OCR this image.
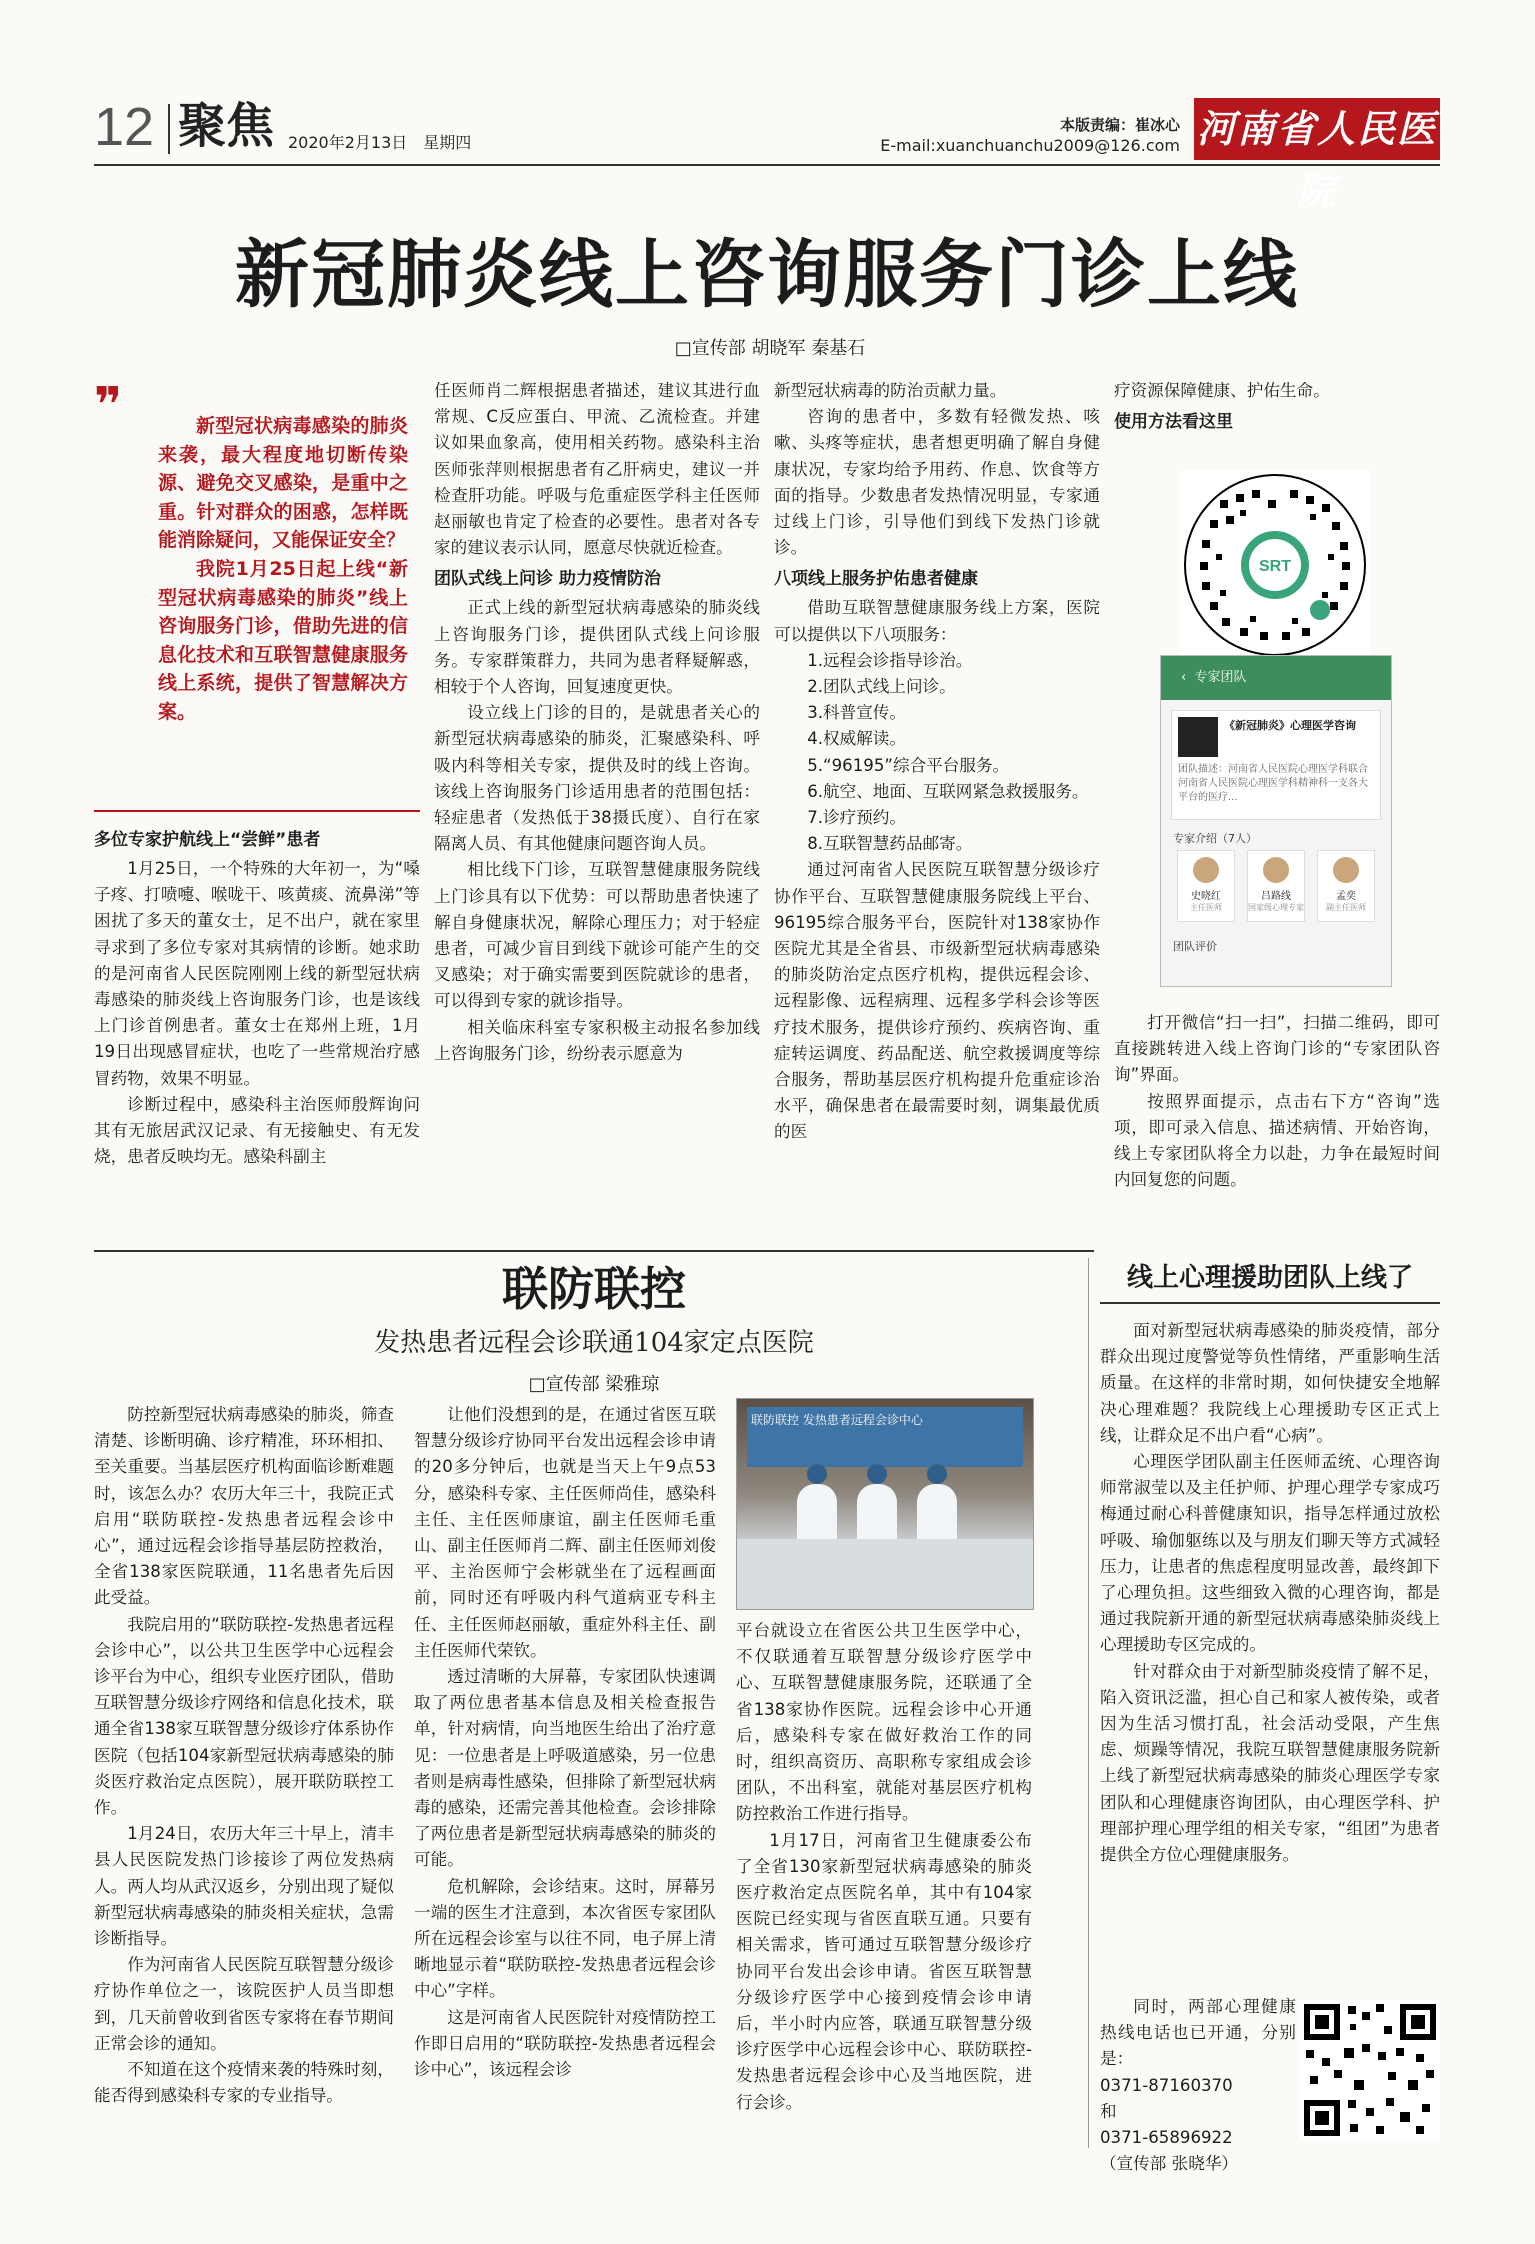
12 聚焦 2020年2月13日　星期四
本版责编：崔冰心
E-mail:xuanchuanchu2009@126.com 河南省人民医院
新冠肺炎线上咨询服务门诊上线
□宣传部 胡晓军 秦基石
❞	新型冠状病毒感染的肺炎来袭，最大程度地切断传染源、避免交叉感染，是重中之重。针对群众的困惑，怎样既能消除疑问，又能保证安全？

我院1月25日起上线“新型冠状病毒感染的肺炎”线上咨询服务门诊，借助先进的信息化技术和互联智慧健康服务线上系统，提供了智慧解决方案。

多位专家护航线上“尝鲜”患者

1月25日，一个特殊的大年初一，为“嗓子疼、打喷嚏、喉咙干、咳黄痰、流鼻涕”等困扰了多天的董女士，足不出户，就在家里寻求到了多位专家对其病情的诊断。她求助的是河南省人民医院刚刚上线的新型冠状病毒感染的肺炎线上咨询服务门诊，也是该线上门诊首例患者。董女士在郑州上班，1月19日出现感冒症状，也吃了一些常规治疗感冒药物，效果不明显。

诊断过程中，感染科主治医师殷辉询问其有无旅居武汉记录、有无接触史、有无发烧，患者反映均无。感染科副主

任医师肖二辉根据患者描述，建议其进行血常规、C反应蛋白、甲流、乙流检查。并建议如果血象高，使用相关药物。感染科主治医师张萍则根据患者有乙肝病史，建议一并检查肝功能。呼吸与危重症医学科主任医师赵丽敏也肯定了检查的必要性。患者对各专家的建议表示认同，愿意尽快就近检查。

团队式线上问诊 助力疫情防治

正式上线的新型冠状病毒感染的肺炎线上咨询服务门诊，提供团队式线上问诊服务。专家群策群力，共同为患者释疑解惑，相较于个人咨询，回复速度更快。

设立线上门诊的目的，是就患者关心的新型冠状病毒感染的肺炎，汇聚感染科、呼吸内科等相关专家，提供及时的线上咨询。该线上咨询服务门诊适用患者的范围包括：轻症患者（发热低于38摄氏度）、自行在家隔离人员、有其他健康问题咨询人员。

相比线下门诊，互联智慧健康服务院线上门诊具有以下优势：可以帮助患者快速了解自身健康状况，解除心理压力；对于轻症患者，可减少盲目到线下就诊可能产生的交叉感染；对于确实需要到医院就诊的患者，可以得到专家的就诊指导。

相关临床科室专家积极主动报名参加线上咨询服务门诊，纷纷表示愿意为

新型冠状病毒的防治贡献力量。

咨询的患者中，多数有轻微发热、咳嗽、头疼等症状，患者想更明确了解自身健康状况，专家均给予用药、作息、饮食等方面的指导。少数患者发热情况明显，专家通过线上门诊，引导他们到线下发热门诊就诊。

八项线上服务护佑患者健康

借助互联智慧健康服务线上方案，医院可以提供以下八项服务：

1.远程会诊指导诊治。

2.团队式线上问诊。

3.科普宣传。

4.权威解读。

5.“96195”综合平台服务。

6.航空、地面、互联网紧急救援服务。

7.诊疗预约。

8.互联智慧药品邮寄。

通过河南省人民医院互联智慧分级诊疗协作平台、互联智慧健康服务院线上平台、96195综合服务平台，医院针对138家协作医院尤其是全省县、市级新型冠状病毒感染的肺炎防治定点医疗机构，提供远程会诊、远程影像、远程病理、远程多学科会诊等医疗技术服务，提供诊疗预约、疾病咨询、重症转运调度、药品配送、航空救援调度等综合服务，帮助基层医疗机构提升危重症诊治水平，确保患者在最需要时刻，调集最优质的医

疗资源保障健康、护佑生命。

使用方法看这里
SRT
‹ 专家团队
《新冠肺炎》心理医学咨询
团队描述：河南省人民医院心理医学科联合河南省人民医院心理医学科精神科一支各大平台的医疗...
专家介绍（7人）
史晓红
主任医师
吕路线
国家级心理专家
孟奕
副主任医师
团队评价

打开微信“扫一扫”，扫描二维码，即可直接跳转进入线上咨询门诊的“专家团队咨询”界面。

按照界面提示，点击右下方“咨询”选项，即可录入信息、描述病情、开始咨询，线上专家团队将全力以赴，力争在最短时间内回复您的问题。

联防联控
发热患者远程会诊联通104家定点医院
□宣传部 梁雅琼

防控新型冠状病毒感染的肺炎，筛查清楚、诊断明确、诊疗精准，环环相扣、至关重要。当基层医疗机构面临诊断难题时，该怎么办？农历大年三十，我院正式启用“联防联控-发热患者远程会诊中心”，通过远程会诊指导基层防控救治，全省138家医院联通，11名患者先后因此受益。

我院启用的“联防联控-发热患者远程会诊中心”，以公共卫生医学中心远程会诊平台为中心，组织专业医疗团队，借助互联智慧分级诊疗网络和信息化技术，联通全省138家互联智慧分级诊疗体系协作医院（包括104家新型冠状病毒感染的肺炎医疗救治定点医院），展开联防联控工作。

1月24日，农历大年三十早上，清丰县人民医院发热门诊接诊了两位发热病人。两人均从武汉返乡，分别出现了疑似新型冠状病毒感染的肺炎相关症状，急需诊断指导。

作为河南省人民医院互联智慧分级诊疗协作单位之一，该院医护人员当即想到，几天前曾收到省医专家将在春节期间正常会诊的通知。

不知道在这个疫情来袭的特殊时刻，能否得到感染科专家的专业指导。

让他们没想到的是，在通过省医互联智慧分级诊疗协同平台发出远程会诊申请的20多分钟后，也就是当天上午9点53分，感染科专家、主任医师尚佳，感染科主任、主任医师康谊，副主任医师毛重山、副主任医师肖二辉、副主任医师刘俊平、主治医师宁会彬就坐在了远程画面前，同时还有呼吸内科气道病亚专科主任、主任医师赵丽敏，重症外科主任、副主任医师代荣钦。

透过清晰的大屏幕，专家团队快速调取了两位患者基本信息及相关检查报告单，针对病情，向当地医生给出了治疗意见：一位患者是上呼吸道感染，另一位患者则是病毒性感染，但排除了新型冠状病毒的感染，还需完善其他检查。会诊排除了两位患者是新型冠状病毒感染的肺炎的可能。

危机解除，会诊结束。这时，屏幕另一端的医生才注意到，本次省医专家团队所在远程会诊室与以往不同，电子屏上清晰地显示着“联防联控-发热患者远程会诊中心”字样。

这是河南省人民医院针对疫情防控工作即日启用的“联防联控-发热患者远程会诊中心”，该远程会诊

联防联控 发热患者远程会诊中心

平台就设立在省医公共卫生医学中心，不仅联通着互联智慧分级诊疗医学中心、互联智慧健康服务院，还联通了全省138家协作医院。远程会诊中心开通后，感染科专家在做好救治工作的同时，组织高资历、高职称专家组成会诊团队，不出科室，就能对基层医疗机构防控救治工作进行指导。

1月17日，河南省卫生健康委公布了全省130家新型冠状病毒感染的肺炎医疗救治定点医院名单，其中有104家医院已经实现与省医直联互通。只要有相关需求，皆可通过互联智慧分级诊疗协同平台发出会诊申请。省医互联智慧分级诊疗医学中心接到疫情会诊申请后，半小时内应答，联通互联智慧分级诊疗医学中心远程会诊中心、联防联控-发热患者远程会诊中心及当地医院，进行会诊。

线上心理援助团队上线了

面对新型冠状病毒感染的肺炎疫情，部分群众出现过度警觉等负性情绪，严重影响生活质量。在这样的非常时期，如何快捷安全地解决心理难题？我院线上心理援助专区正式上线，让群众足不出户看“心病”。

心理医学团队副主任医师孟统、心理咨询师常淑莹以及主任护师、护理心理学专家成巧梅通过耐心科普健康知识，指导怎样通过放松呼吸、瑜伽躯练以及与朋友们聊天等方式减轻压力，让患者的焦虑程度明显改善，最终卸下了心理负担。这些细致入微的心理咨询，都是通过我院新开通的新型冠状病毒感染肺炎线上心理援助专区完成的。

针对群众由于对新型肺炎疫情了解不足，陷入资讯泛滥，担心自己和家人被传染，或者因为生活习惯打乱，社会活动受限，产生焦虑、烦躁等情况，我院互联智慧健康服务院新上线了新型冠状病毒感染的肺炎心理医学专家团队和心理健康咨询团队，由心理医学科、护理部护理心理学组的相关专家，“组团”为患者提供全方位心理健康服务。

同时，两部心理健康热线电话也已开通，分别是：

0371-87160370

和

0371-65896922

（宣传部 张晓华）
